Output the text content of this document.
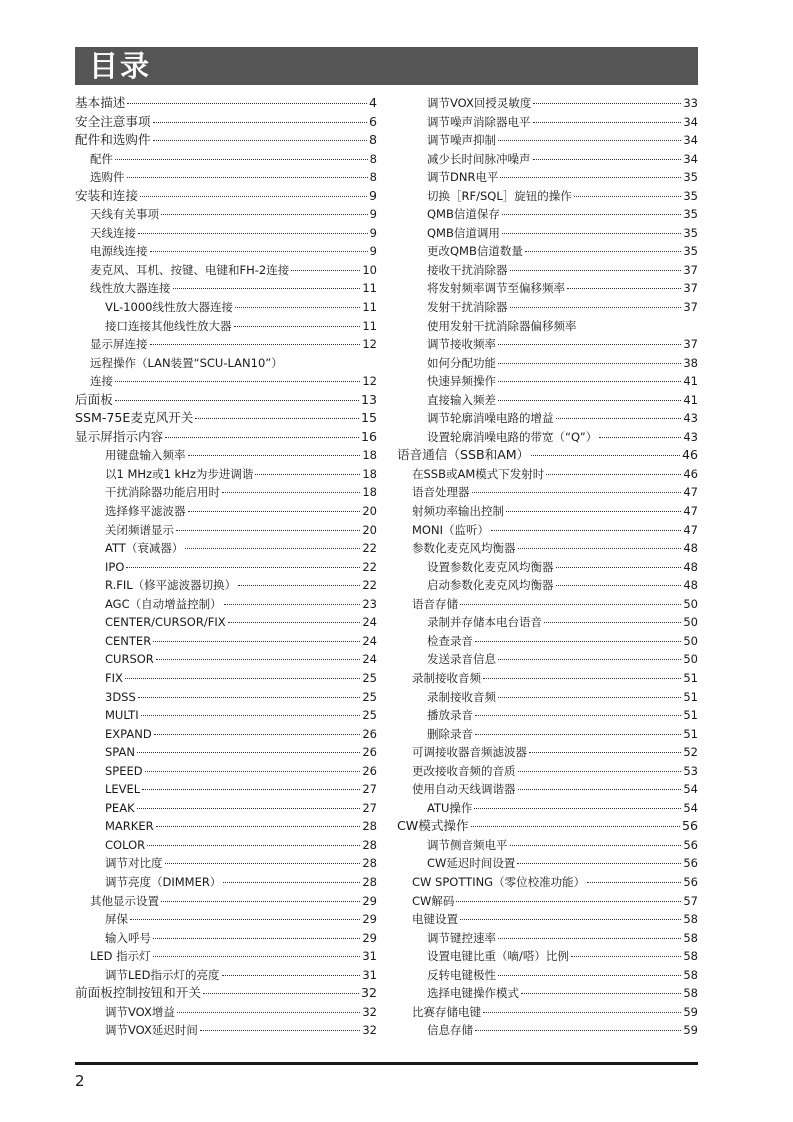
目录
基本描述	4
安全注意事项	6
配件和选购件	8
配件	8
选购件	8
安装和连接	9
天线有关事项	9
天线连接	9
电源线连接	9
麦克风、耳机、按键、电键和FH-2连接	10
线性放大器连接	11
VL-1000线性放大器连接	11
接口连接其他线性放大器	11
显示屏连接	12
远程操作（LAN装置“SCU-LAN10”）
连接	12
后面板	13
SSM-75E麦克风开关	15
显示屏指示内容	16
用键盘输入频率	18
以1 MHz或1 kHz为步进调谐	18
干扰消除器功能启用时	18
选择修平滤波器	20
关闭频谱显示	20
ATT（衰减器）	22
IPO	22
R.FIL（修平滤波器切换）	22
AGC（自动增益控制）	23
CENTER/CURSOR/FIX	24
CENTER	24
CURSOR	24
FIX	25
3DSS	25
MULTI	25
EXPAND	26
SPAN	26
SPEED	26
LEVEL	27
PEAK	27
MARKER	28
COLOR	28
调节对比度	28
调节亮度（DIMMER）	28
其他显示设置	29
屏保	29
输入呼号	29
LED 指示灯	31
调节LED指示灯的亮度	31
前面板控制按钮和开关	32
调节VOX增益	32
调节VOX延迟时间	32
调节VOX回授灵敏度	33
调节噪声消除器电平	34
调节噪声抑制	34
减少长时间脉冲噪声	34
调节DNR电平	35
切换［RF/SQL］旋钮的操作	35
QMB信道保存	35
QMB信道调用	35
更改QMB信道数量	35
接收干扰消除器	37
将发射频率调节至偏移频率	37
发射干扰消除器	37
使用发射干扰消除器偏移频率
调节接收频率	37
如何分配功能	38
快速异频操作	41
直接输入频差	41
调节轮廓消噪电路的增益	43
设置轮廓消噪电路的带宽（“Q”）	43
语音通信（SSB和AM）	46
在SSB或AM模式下发射时	46
语音处理器	47
射频功率输出控制	47
MONI（监听）	47
参数化麦克风均衡器	48
设置参数化麦克风均衡器	48
启动参数化麦克风均衡器	48
语音存储	50
录制并存储本电台语音	50
检查录音	50
发送录音信息	50
录制接收音频	51
录制接收音频	51
播放录音	51
删除录音	51
可调接收器音频滤波器	52
更改接收音频的音质	53
使用自动天线调谐器	54
ATU操作	54
CW模式操作	56
调节侧音频电平	56
CW延迟时间设置	56
CW SPOTTING（零位校准功能）	56
CW解码	57
电键设置	58
调节键控速率	58
设置电键比重（嘀/嗒）比例	58
反转电键极性	58
选择电键操作模式	58
比赛存储电键	59
信息存储	59
2
